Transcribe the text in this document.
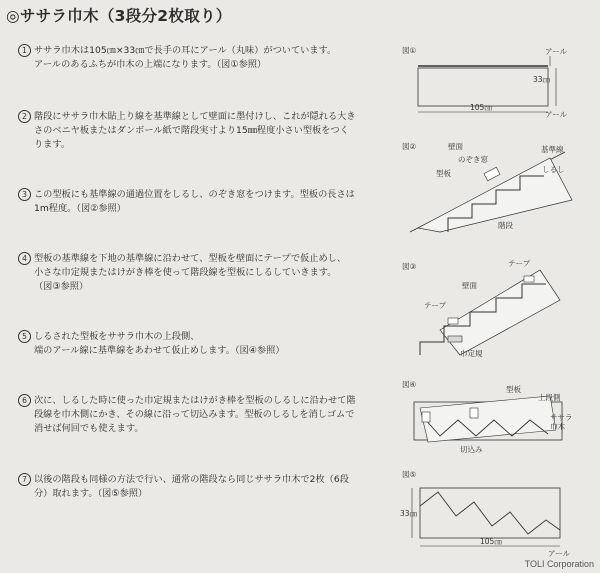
◎ササラ巾木（3段分2枚取り）
1 ササラ巾木は105㎝×33㎝で長手の耳にアール（丸味）がついています。
アールのあるふちが巾木の上端になります。（図①参照）
2 階段にササラ巾木貼上り線を基準線として壁面に墨付けし、これが隠れる大き
さのベニヤ板またはダンボール紙で階段実寸より15㎜程度小さい型板をつく
ります。
3 この型板にも基準線の通過位置をしるし、のぞき窓をつけます。型板の長さは
1m程度。（図②参照）
4 型板の基準線を下地の基準線に沿わせて、型板を壁面にテープで仮止めし、
小さな巾定規またはけがき棒を使って階段線を型板にしるしていきます。
（図③参照）
5 しるされた型板をササラ巾木の上段側、
端のアール線に基準線をあわせて仮止めします。（図④参照）
6 次に、しるした時に使った巾定規またはけがき棒を型板のしるしに沿わせて階
段線を巾木側にかき、その線に沿って切込みます。型板のしるしを消しゴムで
消せば何回でも使えます。
7 以後の階段も同様の方法で行い、通常の階段なら同じササラ巾木で2枚（6段
分）取れます。（図⑤参照）
図①	アール
33㎝
105㎝
アール
図②	壁面
のぞき窓
型板
基準線
しるし
階段
図③
壁面
テープ
テープ
巾定規
図④
型板
上段側
ササラ巾木
切込み
図⑤
33㎝
105㎝
アール
TOLI Corporation
